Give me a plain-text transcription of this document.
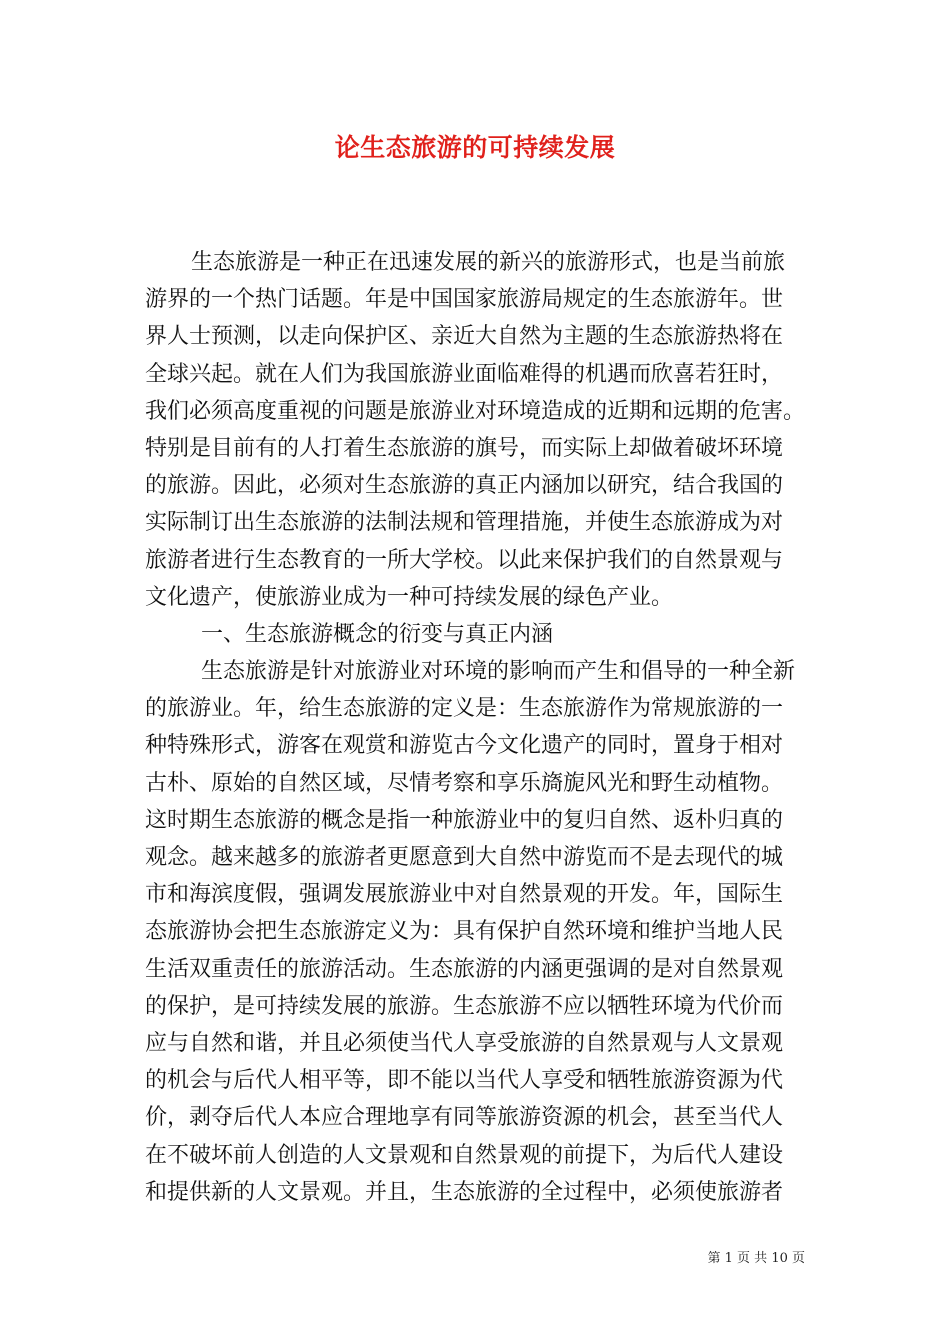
论生态旅游的可持续发展
生态旅游是一种正在迅速发展的新兴的旅游形式，也是当前旅
游界的一个热门话题。年是中国国家旅游局规定的生态旅游年。世
界人士预测，以走向保护区、亲近大自然为主题的生态旅游热将在
全球兴起。就在人们为我国旅游业面临难得的机遇而欣喜若狂时，
我们必须高度重视的问题是旅游业对环境造成的近期和远期的危害。
特别是目前有的人打着生态旅游的旗号，而实际上却做着破坏环境
的旅游。因此，必须对生态旅游的真正内涵加以研究，结合我国的
实际制订出生态旅游的法制法规和管理措施，并使生态旅游成为对
旅游者进行生态教育的一所大学校。以此来保护我们的自然景观与
文化遗产，使旅游业成为一种可持续发展的绿色产业。
一、生态旅游概念的衍变与真正内涵
生态旅游是针对旅游业对环境的影响而产生和倡导的一种全新
的旅游业。年，给生态旅游的定义是：生态旅游作为常规旅游的一
种特殊形式，游客在观赏和游览古今文化遗产的同时，置身于相对
古朴、原始的自然区域，尽情考察和享乐旖旎风光和野生动植物。
这时期生态旅游的概念是指一种旅游业中的复归自然、返朴归真的
观念。越来越多的旅游者更愿意到大自然中游览而不是去现代的城
市和海滨度假，强调发展旅游业中对自然景观的开发。年，国际生
态旅游协会把生态旅游定义为：具有保护自然环境和维护当地人民
生活双重责任的旅游活动。生态旅游的内涵更强调的是对自然景观
的保护，是可持续发展的旅游。生态旅游不应以牺牲环境为代价而
应与自然和谐，并且必须使当代人享受旅游的自然景观与人文景观
的机会与后代人相平等，即不能以当代人享受和牺牲旅游资源为代
价，剥夺后代人本应合理地享有同等旅游资源的机会，甚至当代人
在不破坏前人创造的人文景观和自然景观的前提下，为后代人建设
和提供新的人文景观。并且，生态旅游的全过程中，必须使旅游者
第 1 页 共 10 页
